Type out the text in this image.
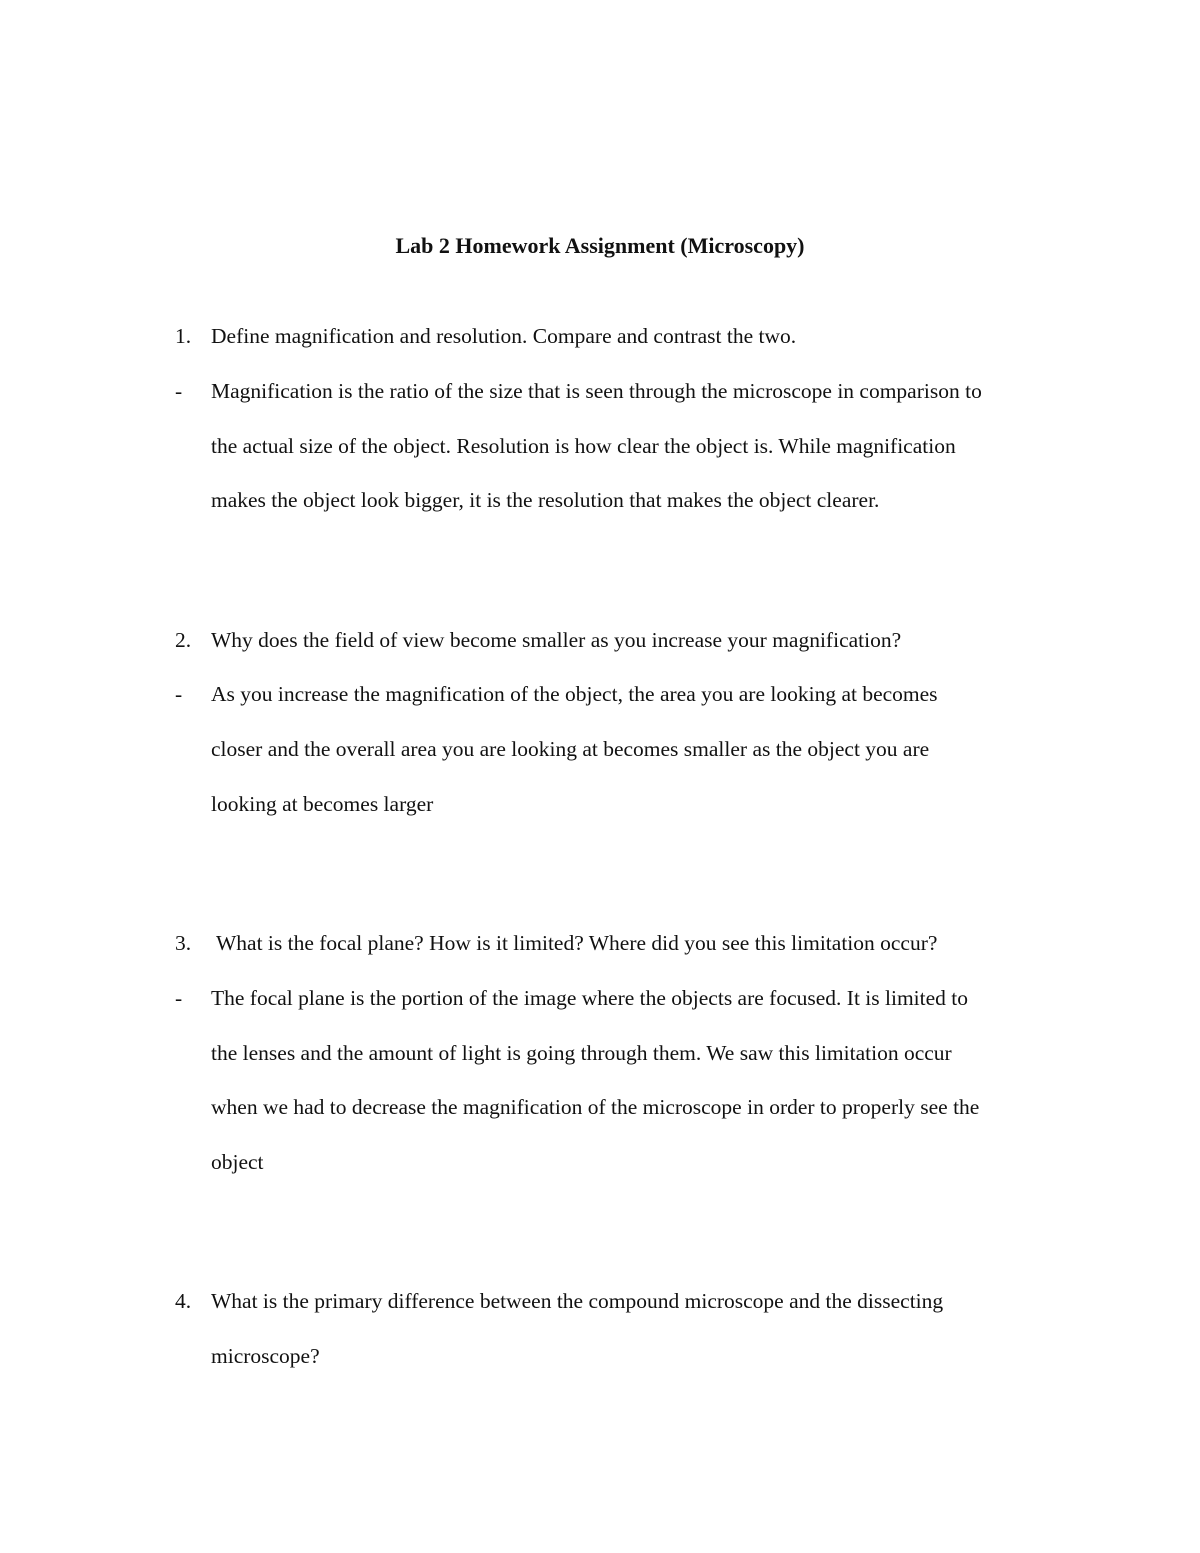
Lab 2 Homework Assignment (Microscopy)
1. Define magnification and resolution. Compare and contrast the two.
-	Magnification is the ratio of the size that is seen through the microscope in comparison to
the actual size of the object. Resolution is how clear the object is. While magnification
makes the object look bigger, it is the resolution that makes the object clearer.
2. Why does the field of view become smaller as you increase your magnification?
-	As you increase the magnification of the object, the area you are looking at becomes
closer and the overall area you are looking at becomes smaller as the object you are
looking at becomes larger
3. What is the focal plane? How is it limited? Where did you see this limitation occur?
-	The focal plane is the portion of the image where the objects are focused. It is limited to
the lenses and the amount of light is going through them. We saw this limitation occur
when we had to decrease the magnification of the microscope in order to properly see the
object
4. What is the primary difference between the compound microscope and the dissecting
microscope?
